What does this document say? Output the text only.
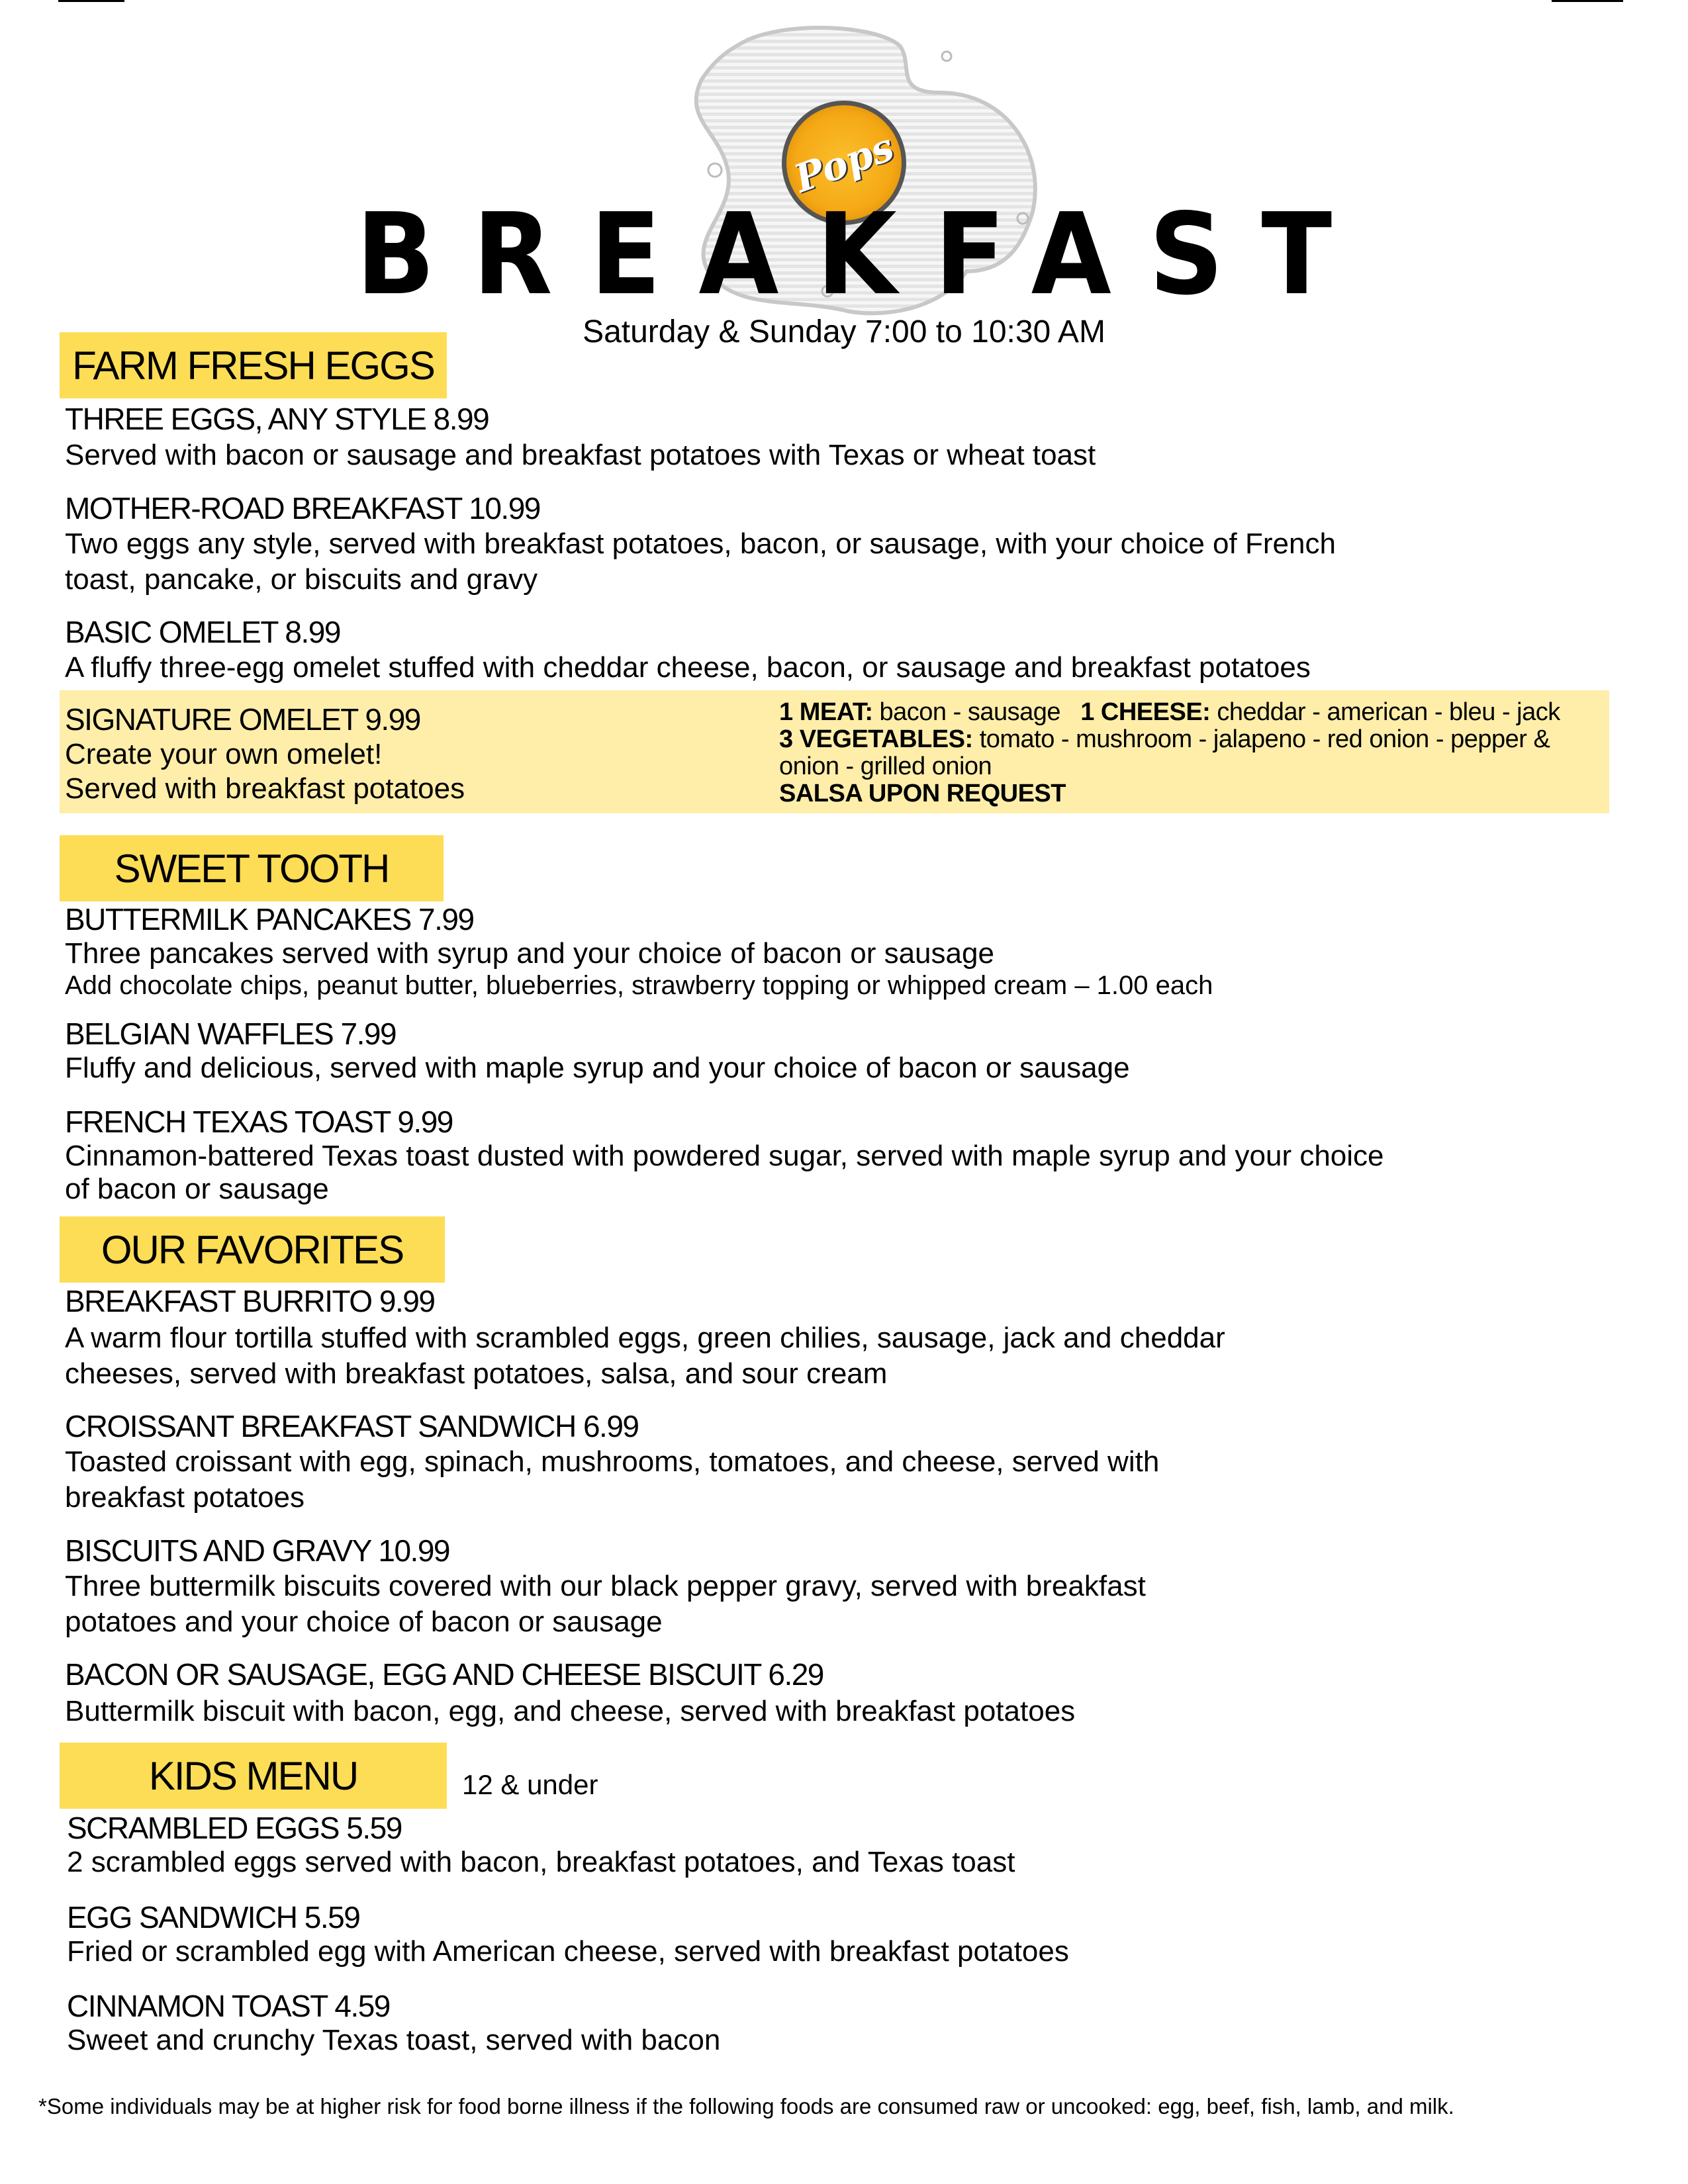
Pops
BREAKFAST
Saturday & Sunday 7:00 to 10:30 AM
FARM FRESH EGGS
THREE EGGS, ANY STYLE 8.99
Served with bacon or sausage and breakfast potatoes with Texas or wheat toast
MOTHER-ROAD BREAKFAST 10.99
Two eggs any style, served with breakfast potatoes, bacon, or sausage, with your choice of French
toast, pancake, or biscuits and gravy
BASIC OMELET 8.99
A fluffy three-egg omelet stuffed with cheddar cheese, bacon, or sausage and breakfast potatoes
SIGNATURE OMELET 9.99
Create your own omelet!
Served with breakfast potatoes
1 MEAT: bacon - sausage 1 CHEESE: cheddar - american - bleu - jack
3 VEGETABLES: tomato - mushroom - jalapeno - red onion - pepper &
onion - grilled onion
SALSA UPON REQUEST
SWEET TOOTH
BUTTERMILK PANCAKES 7.99
Three pancakes served with syrup and your choice of bacon or sausage
Add chocolate chips, peanut butter, blueberries, strawberry topping or whipped cream – 1.00 each
BELGIAN WAFFLES 7.99
Fluffy and delicious, served with maple syrup and your choice of bacon or sausage
FRENCH TEXAS TOAST 9.99
Cinnamon-battered Texas toast dusted with powdered sugar, served with maple syrup and your choice
of bacon or sausage
OUR FAVORITES
BREAKFAST BURRITO 9.99
A warm flour tortilla stuffed with scrambled eggs, green chilies, sausage, jack and cheddar
cheeses, served with breakfast potatoes, salsa, and sour cream
CROISSANT BREAKFAST SANDWICH 6.99
Toasted croissant with egg, spinach, mushrooms, tomatoes, and cheese, served with
breakfast potatoes
BISCUITS AND GRAVY 10.99
Three buttermilk biscuits covered with our black pepper gravy, served with breakfast
potatoes and your choice of bacon or sausage
BACON OR SAUSAGE, EGG AND CHEESE BISCUIT 6.29
Buttermilk biscuit with bacon, egg, and cheese, served with breakfast potatoes
KIDS MENU	12 & under
SCRAMBLED EGGS 5.59
2 scrambled eggs served with bacon, breakfast potatoes, and Texas toast
EGG SANDWICH 5.59
Fried or scrambled egg with American cheese, served with breakfast potatoes
CINNAMON TOAST 4.59
Sweet and crunchy Texas toast, served with bacon
*Some individuals may be at higher risk for food borne illness if the following foods are consumed raw or uncooked: egg, beef, fish, lamb, and milk.
